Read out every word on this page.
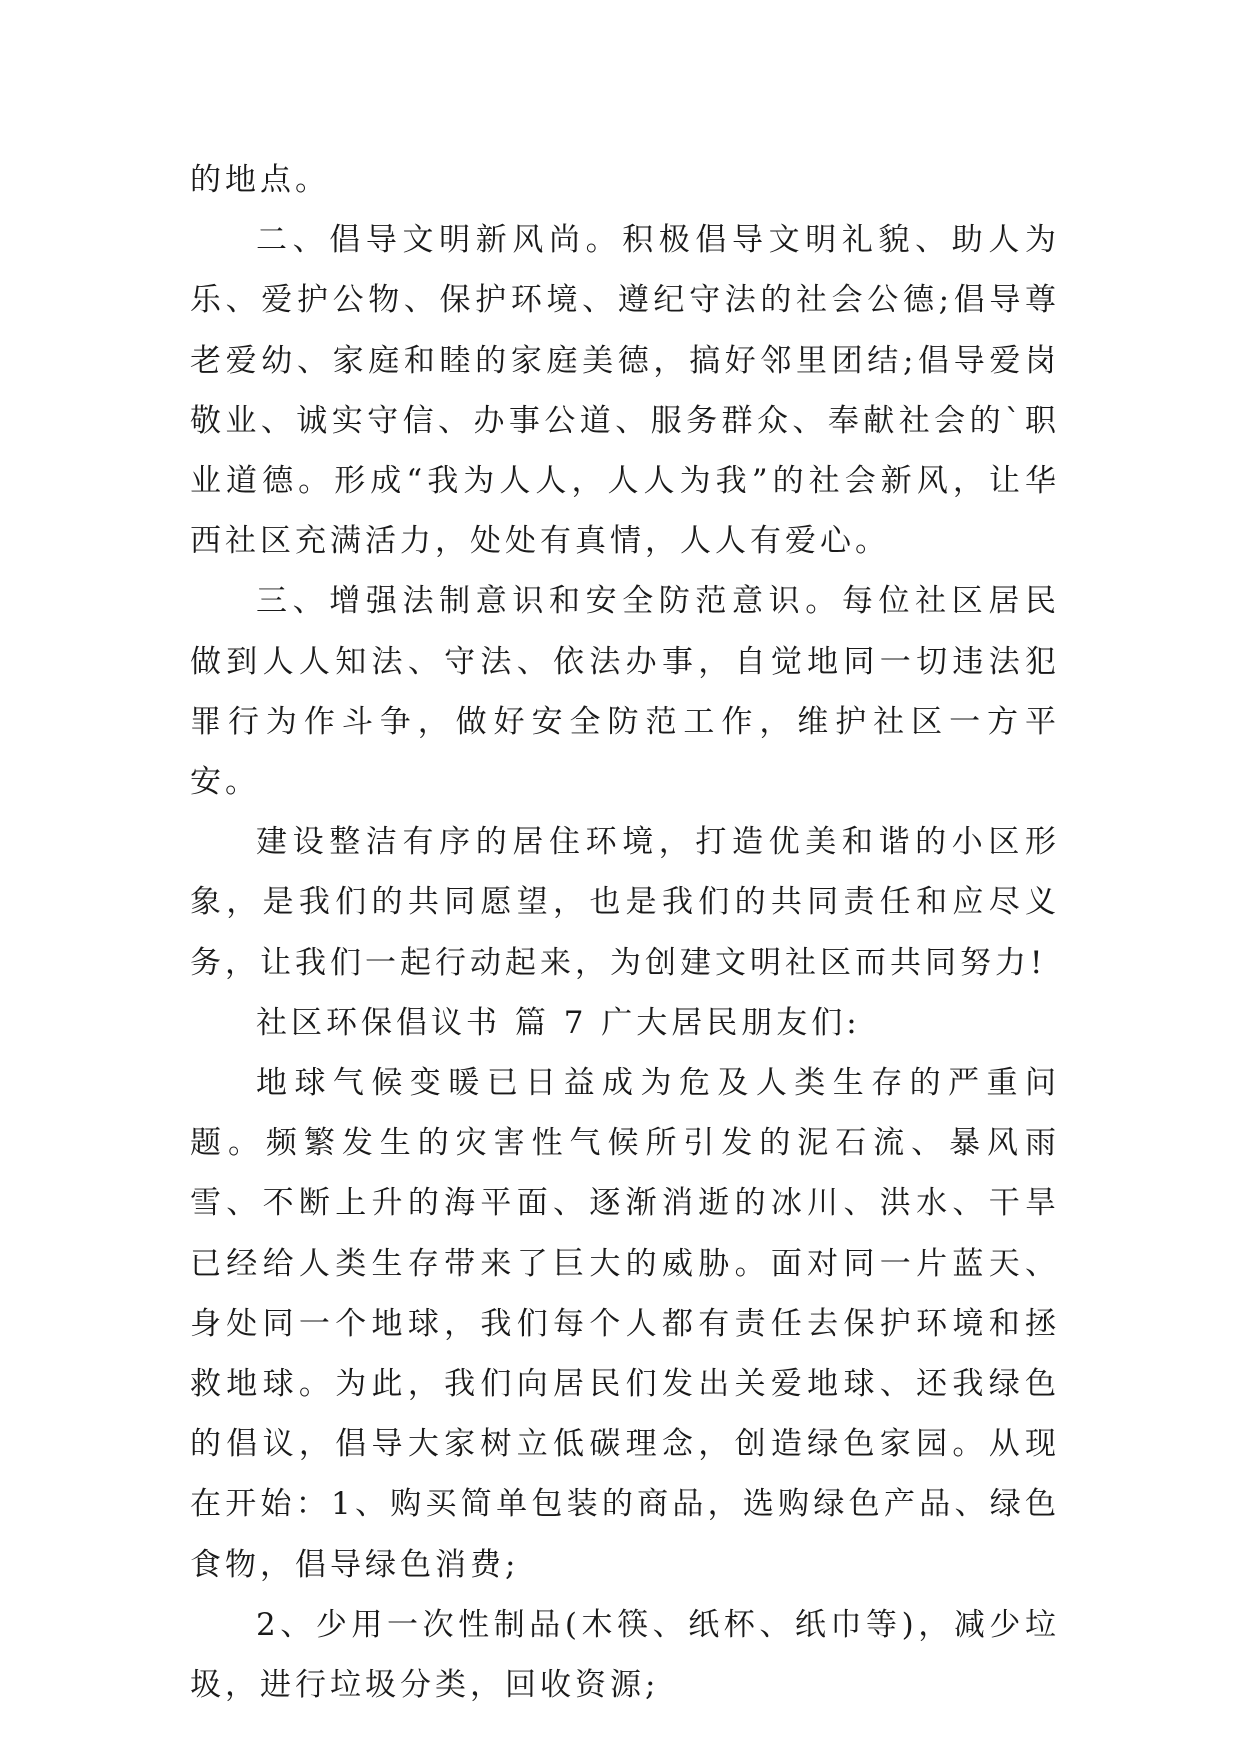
的地点。

二、倡导文明新风尚。积极倡导文明礼貌、助人为乐、爱护公物、保护环境、遵纪守法的社会公德;倡导尊老爱幼、家庭和睦的家庭美德，搞好邻里团结;倡导爱岗敬业、诚实守信、办事公道、服务群众、奉献社会的`职业道德。形成“我为人人，人人为我”的社会新风，让华西社区充满活力，处处有真情，人人有爱心。

三、增强法制意识和安全防范意识。每位社区居民做到人人知法、守法、依法办事，自觉地同一切违法犯罪行为作斗争，做好安全防范工作，维护社区一方平安。

建设整洁有序的居住环境，打造优美和谐的小区形象，是我们的共同愿望，也是我们的共同责任和应尽义务，让我们一起行动起来，为创建文明社区而共同努力!

社区环保倡议书 篇 7 广大居民朋友们:

地球气候变暖已日益成为危及人类生存的严重问题。频繁发生的灾害性气候所引发的泥石流、暴风雨雪、不断上升的海平面、逐渐消逝的冰川、洪水、干旱已经给人类生存带来了巨大的威胁。面对同一片蓝天、身处同一个地球，我们每个人都有责任去保护环境和拯救地球。为此，我们向居民们发出关爱地球、还我绿色的倡议，倡导大家树立低碳理念，创造绿色家园。从现在开始：1、购买简单包装的商品，选购绿色产品、绿色食物，倡导绿色消费;

2、少用一次性制品(木筷、纸杯、纸巾等)，减少垃圾，进行垃圾分类，回收资源;
